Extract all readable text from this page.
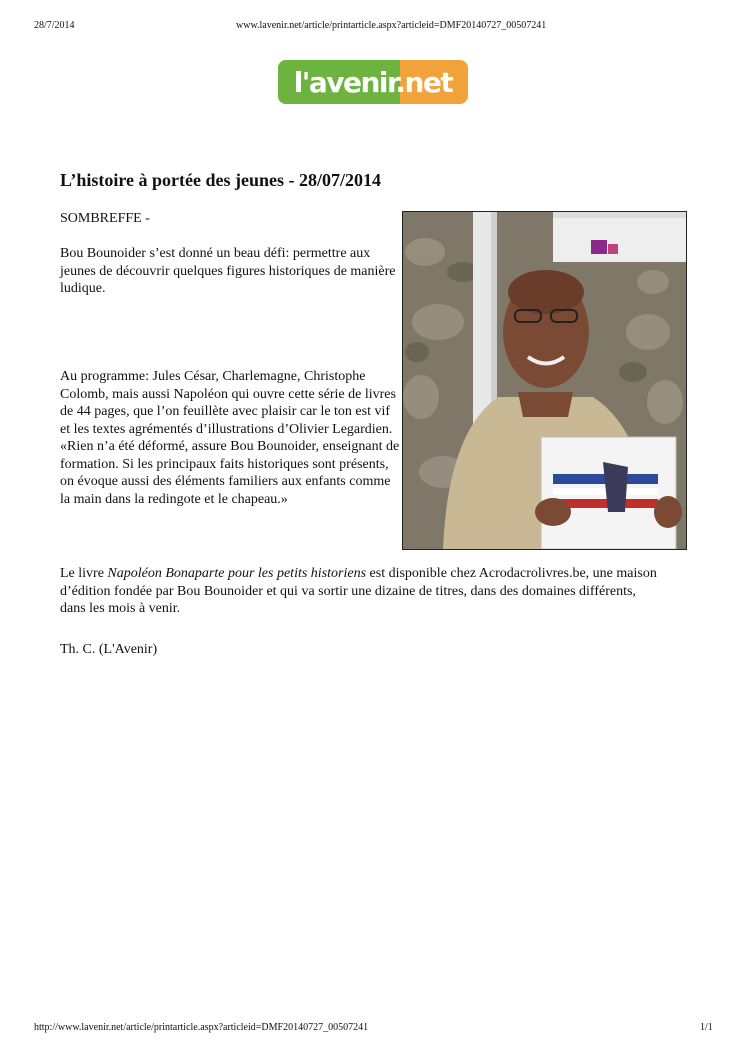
28/7/2014	www.lavenir.net/article/printarticle.aspx?articleid=DMF20140727_00507241
l'avenir.net
L’histoire à portée des jeunes - 28/07/2014
SOMBREFFE -

Bou Bounoider s’est donné un beau défi: permettre aux jeunes de découvrir quelques figures historiques de manière ludique.

Au programme: Jules César, Charlemagne, Christophe Colomb, mais aussi Napoléon qui ouvre cette série de livres de 44 pages, que l’on feuillète avec plaisir car le ton est vif et les textes agrémentés d’illustrations d’Olivier Legardien. «Rien n’a été déformé, assure Bou Bounoider, enseignant de formation. Si les principaux faits historiques sont présents, on évoque aussi des éléments familiers aux enfants comme la main dans la redingote et le chapeau.»

Le livre Napoléon Bonaparte pour les petits historiens est disponible chez Acrodacrolivres.be, une maison d’édition fondée par Bou Bounoider et qui va sortir une dizaine de titres, dans des domaines différents, dans les mois à venir.

Th. C. (L'Avenir)
http://www.lavenir.net/article/printarticle.aspx?articleid=DMF20140727_00507241	1/1
